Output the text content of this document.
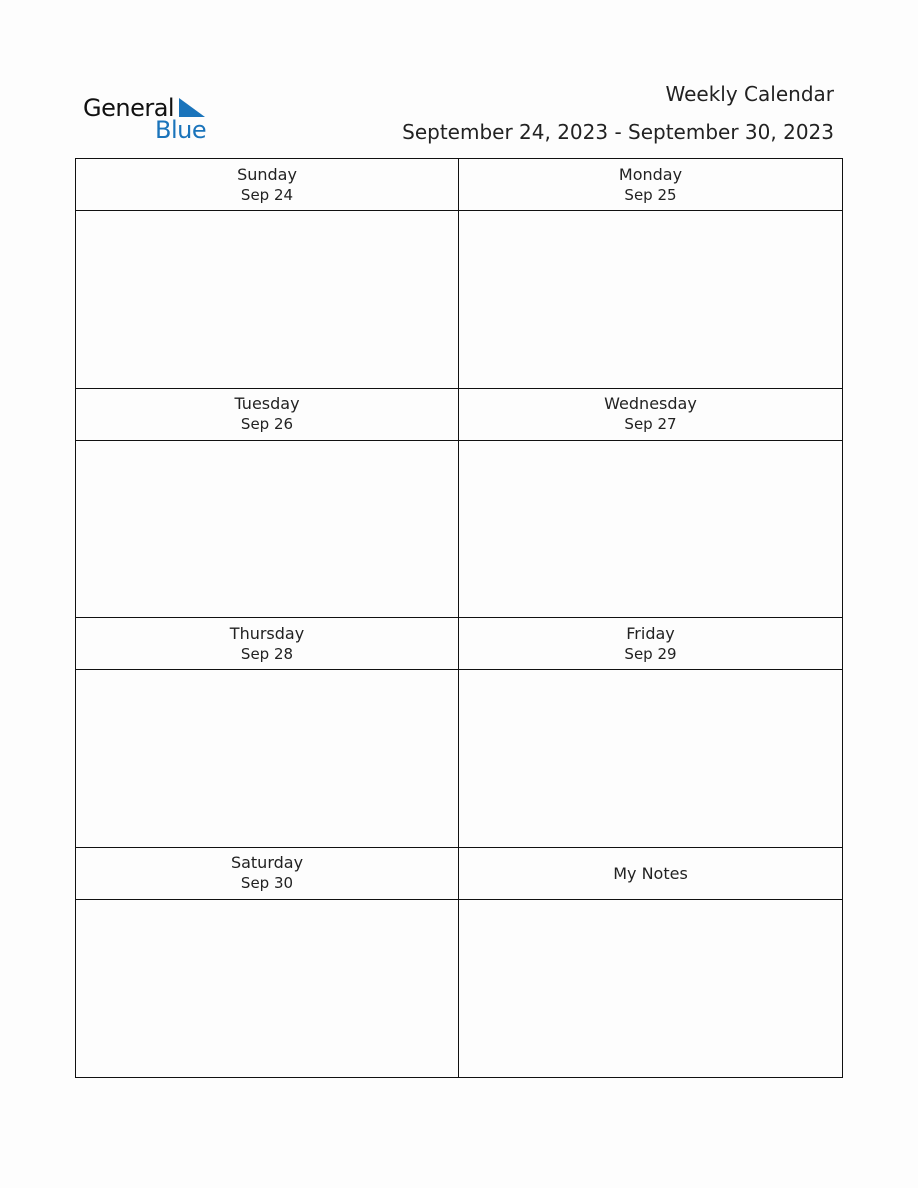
General
Blue
Weekly Calendar
September 24, 2023 - September 30, 2023
Sunday
Sep 24
Monday
Sep 25
Tuesday
Sep 26
Wednesday
Sep 27
Thursday
Sep 28
Friday
Sep 29
Saturday
Sep 30
My Notes
